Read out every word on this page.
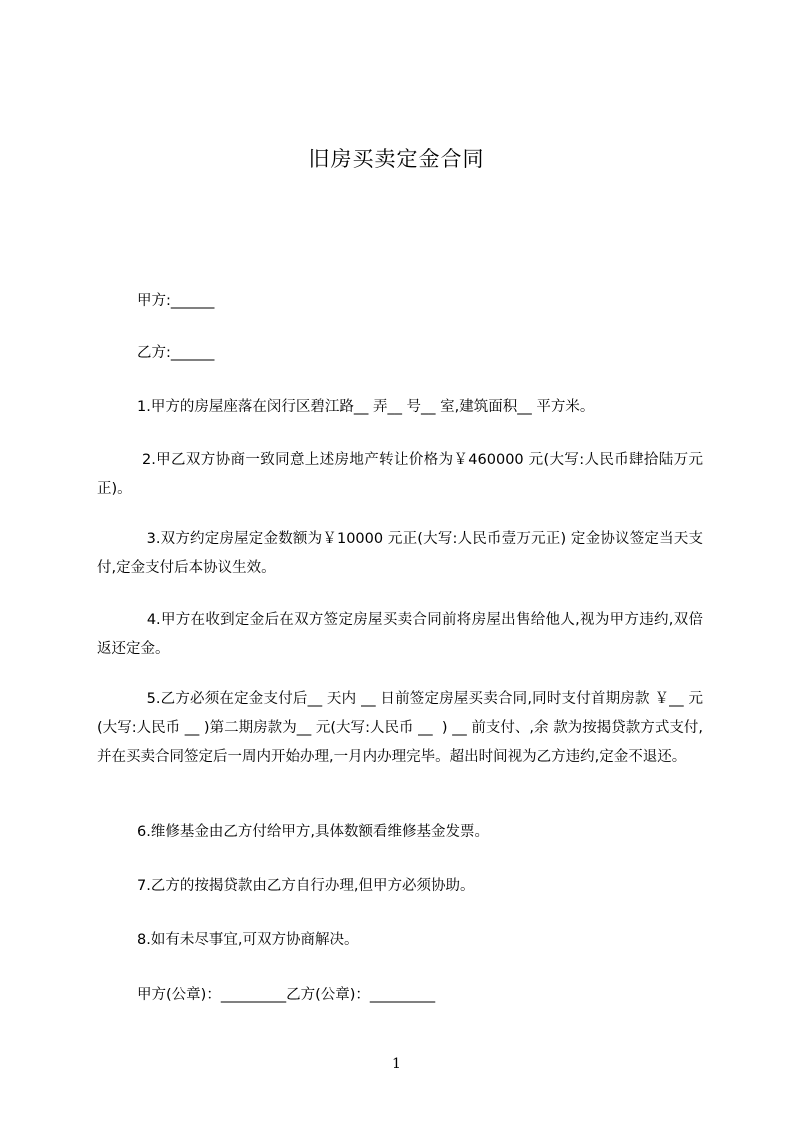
旧房买卖定金合同

甲方:______

乙方:______

1.甲方的房屋座落在闵行区碧江路__ 弄__ 号__ 室,建筑面积__ 平方米。

2.甲乙双方协商一致同意上述房地产转让价格为￥460000 元(大写:人民币肆拾陆万元正)。

3.双方约定房屋定金数额为￥10000 元正(大写:人民币壹万元正) 定金协议签定当天支付,定金支付后本协议生效。

4.甲方在收到定金后在双方签定房屋买卖合同前将房屋出售给他人,视为甲方违约,双倍返还定金。

5.乙方必须在定金支付后__ 天内 __ 日前签定房屋买卖合同,同时支付首期房款 ￥__ 元(大写:人民币 __ )第二期房款为__ 元(大写:人民币 __  ) __ 前支付、,余 款为按揭贷款方式支付,并在买卖合同签定后一周内开始办理,一月内办理完毕。超出时间视为乙方违约,定金不退还。

6.维修基金由乙方付给甲方,具体数额看维修基金发票。

7.乙方的按揭贷款由乙方自行办理,但甲方必须协助。

8.如有未尽事宜,可双方协商解决。

甲方(公章)：_________乙方(公章)：_________

1
